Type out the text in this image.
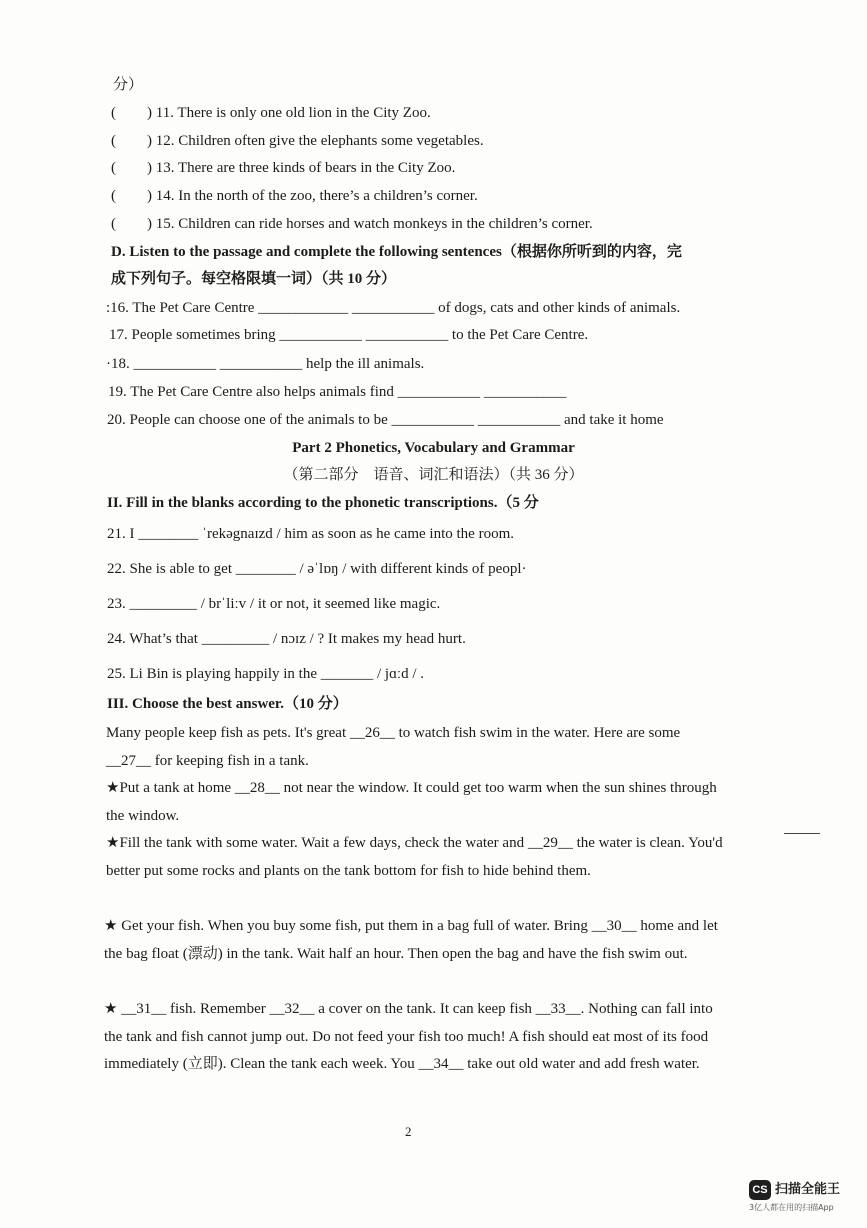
分）
( ) 11. There is only one old lion in the City Zoo.
( ) 12. Children often give the elephants some vegetables.
( ) 13. There are three kinds of bears in the City Zoo.
( ) 14. In the north of the zoo, there’s a children’s corner.
( ) 15. Children can ride horses and watch monkeys in the children’s corner.
D. Listen to the passage and complete the following sentences（根据你所听到的内容，完
成下列句子。每空格限填一词）（共 10 分）
:16. The Pet Care Centre ____________ ___________ of dogs, cats and other kinds of animals.
17. People sometimes bring ___________ ___________ to the Pet Care Centre.
·18. ___________ ___________ help the ill animals.
19. The Pet Care Centre also helps animals find ___________ ___________
20. People can choose one of the animals to be ___________ ___________ and take it home
Part 2 Phonetics, Vocabulary and Grammar
（第二部分　语音、词汇和语法）（共 36 分）
II. Fill in the blanks according to the phonetic transcriptions.（5 分
21. I ________ ˈrekəgnaɪzd / him as soon as he came into the room.
22. She is able to get ________ / əˈlɒŋ / with different kinds of peopl·
23. _________ / brˈliːv / it or not, it seemed like magic.
24. What’s that _________ / nɔɪz / ? It makes my head hurt.
25. Li Bin is playing happily in the _______ / jɑːd / .
III. Choose the best answer.（10 分）
Many people keep fish as pets. It's great __26__ to watch fish swim in the water. Here are some __27__ for keeping fish in a tank.
★Put a tank at home __28__ not near the window. It could get too warm when the sun shines through the window.
★Fill the tank with some water. Wait a few days, check the water and __29__ the water is clean. You'd better put some rocks and plants on the tank bottom for fish to hide behind them.
★ Get your fish. When you buy some fish, put them in a bag full of water. Bring __30__ home and let the bag float (漂动) in the tank. Wait half an hour. Then open the bag and have the fish swim out.
★ __31__ fish. Remember __32__ a cover on the tank. It can keep fish __33__. Nothing can fall into the tank and fish cannot jump out. Do not feed your fish too much! A fish should eat most of its food immediately (立即). Clean the tank each week. You __34__ take out old water and add fresh water.
2
CS 扫描全能王
3亿人都在用的扫描App
